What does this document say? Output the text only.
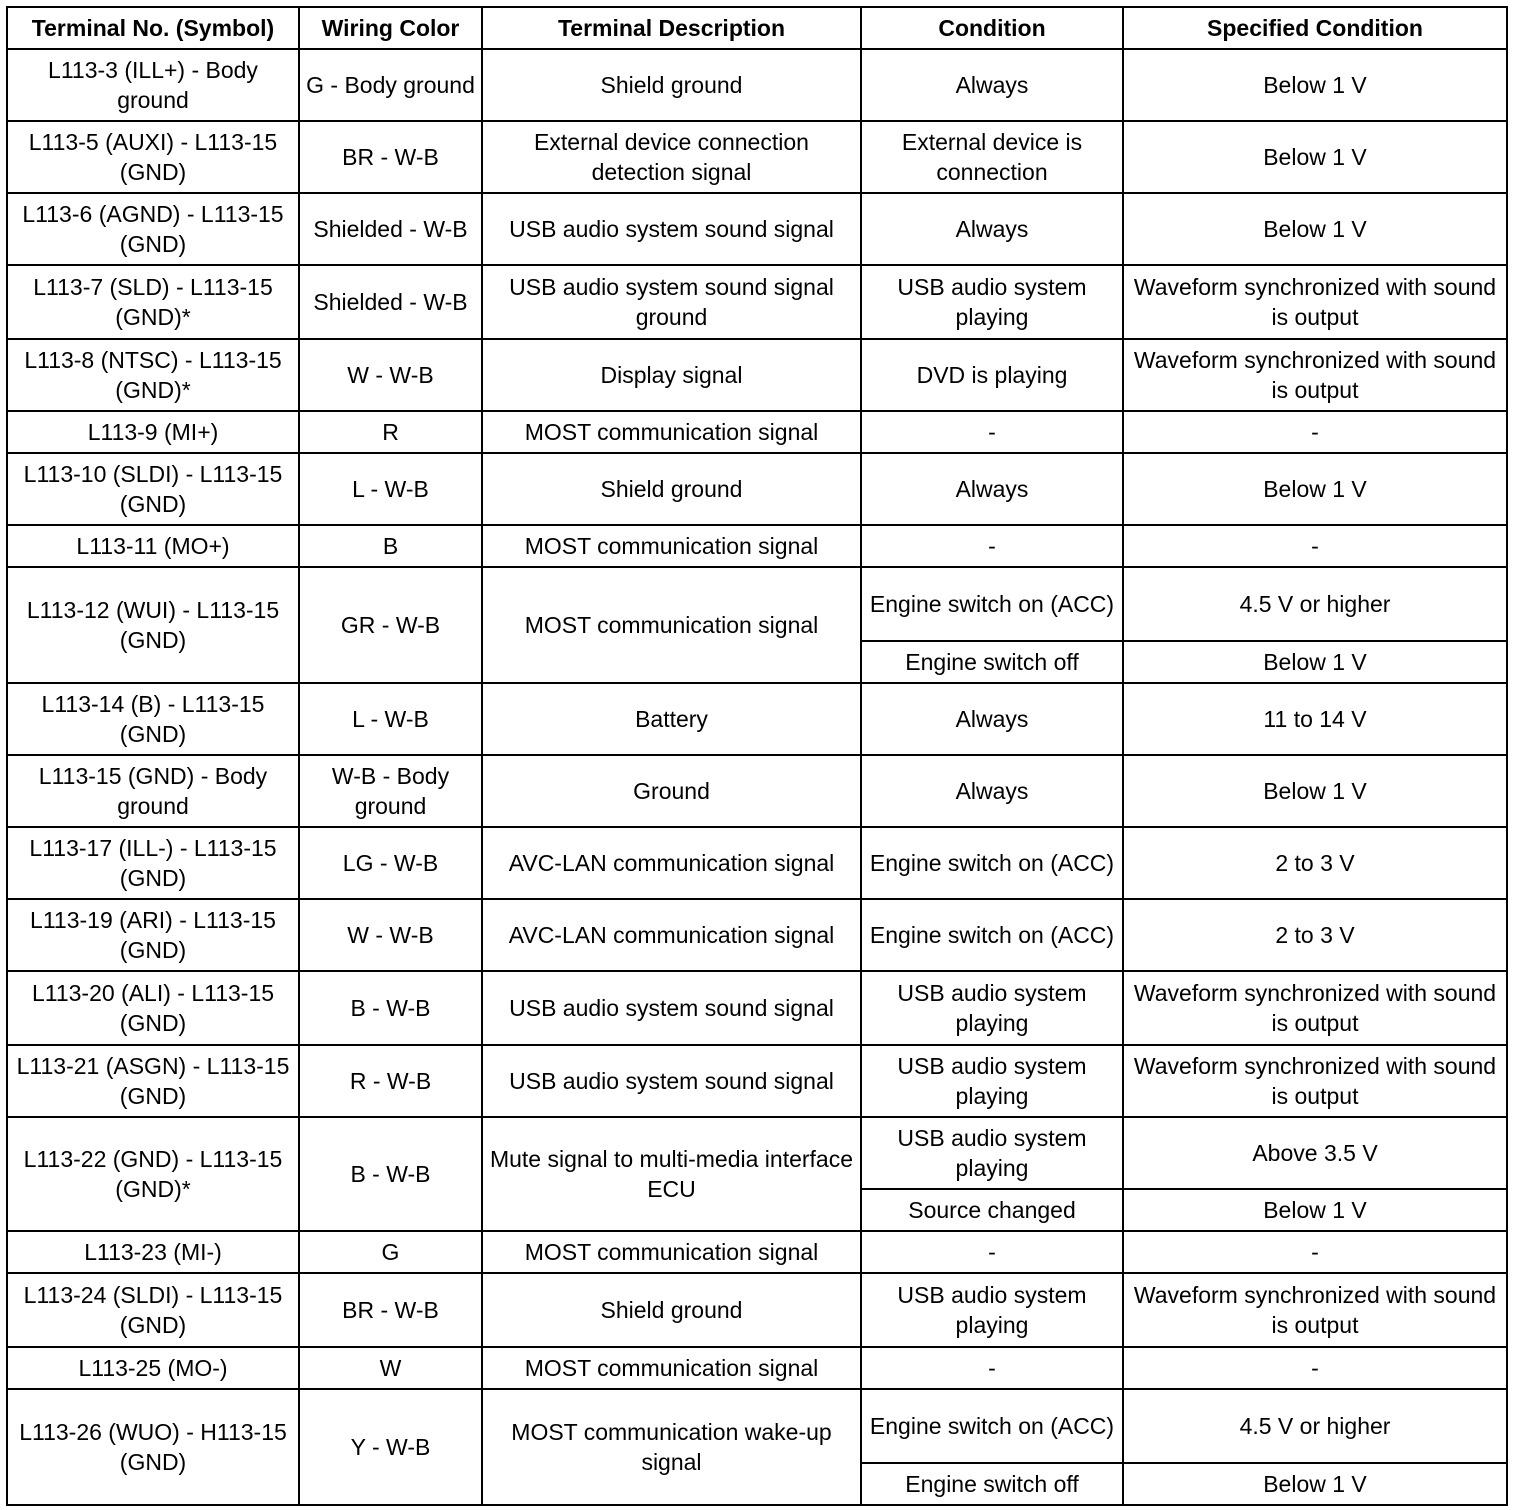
Terminal No. (Symbol)	Wiring Color	Terminal Description	Condition	Specified Condition
L113-3 (ILL+) - Body ground	G - Body ground	Shield ground	Always	Below 1 V
L113-5 (AUXI) - L113-15 (GND)	BR - W-B	External device connection detection signal	External device is connection	Below 1 V
L113-6 (AGND) - L113-15 (GND)	Shielded - W-B	USB audio system sound signal	Always	Below 1 V
L113-7 (SLD) - L113-15 (GND)*	Shielded - W-B	USB audio system sound signal ground	USB audio system playing	Waveform synchronized with sound is output
L113-8 (NTSC) - L113-15 (GND)*	W - W-B	Display signal	DVD is playing	Waveform synchronized with sound is output
L113-9 (MI+)	R	MOST communication signal	-	-
L113-10 (SLDI) - L113-15 (GND)	L - W-B	Shield ground	Always	Below 1 V
L113-11 (MO+)	B	MOST communication signal	-	-
L113-12 (WUI) - L113-15 (GND)	GR - W-B	MOST communication signal	Engine switch on (ACC)	4.5 V or higher
			Engine switch off	Below 1 V
L113-14 (B) - L113-15 (GND)	L - W-B	Battery	Always	11 to 14 V
L113-15 (GND) - Body ground	W-B - Body ground	Ground	Always	Below 1 V
L113-17 (ILL-) - L113-15 (GND)	LG - W-B	AVC-LAN communication signal	Engine switch on (ACC)	2 to 3 V
L113-19 (ARI) - L113-15 (GND)	W - W-B	AVC-LAN communication signal	Engine switch on (ACC)	2 to 3 V
L113-20 (ALI) - L113-15 (GND)	B - W-B	USB audio system sound signal	USB audio system playing	Waveform synchronized with sound is output
L113-21 (ASGN) - L113-15 (GND)	R - W-B	USB audio system sound signal	USB audio system playing	Waveform synchronized with sound is output
L113-22 (GND) - L113-15 (GND)*	B - W-B	Mute signal to multi-media interface ECU	USB audio system playing	Above 3.5 V
			Source changed	Below 1 V
L113-23 (MI-)	G	MOST communication signal	-	-
L113-24 (SLDI) - L113-15 (GND)	BR - W-B	Shield ground	USB audio system playing	Waveform synchronized with sound is output
L113-25 (MO-)	W	MOST communication signal	-	-
L113-26 (WUO) - H113-15 (GND)	Y - W-B	MOST communication wake-up signal	Engine switch on (ACC)	4.5 V or higher
			Engine switch off	Below 1 V
